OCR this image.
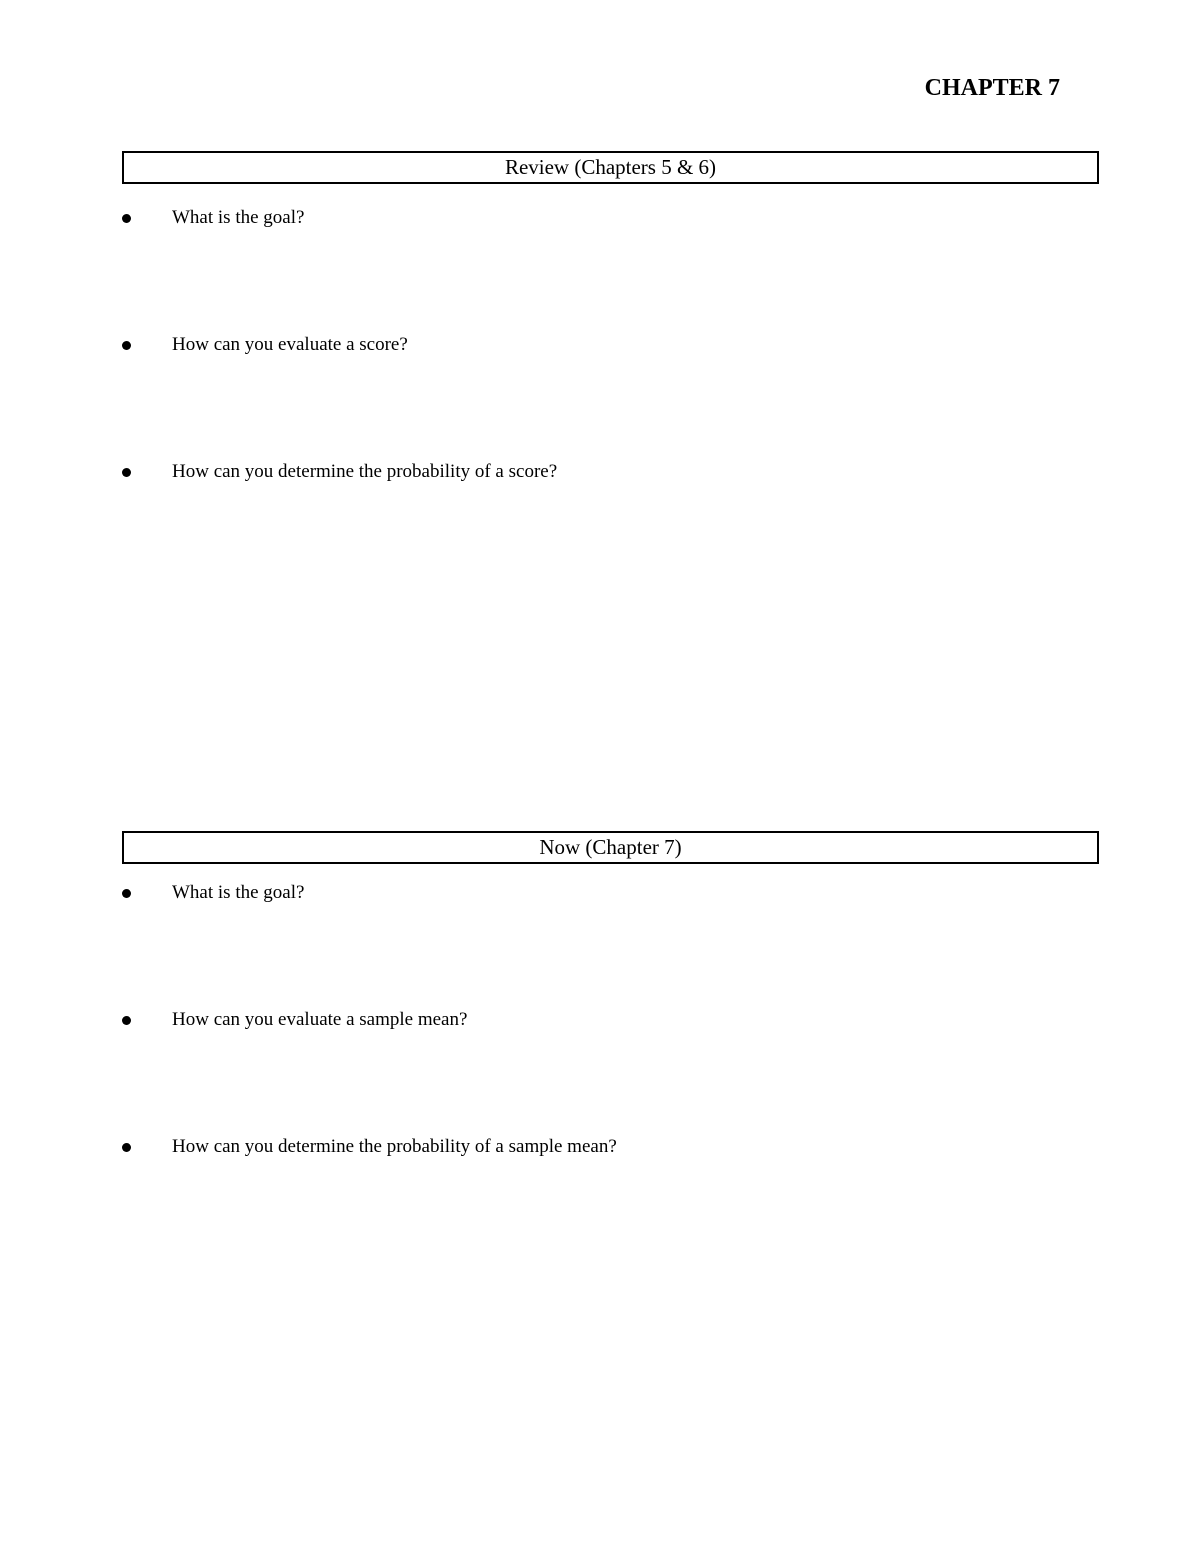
CHAPTER 7
Review (Chapters 5 & 6)
What is the goal?
How can you evaluate a score?
How can you determine the probability of a score?
Now (Chapter 7)
What is the goal?
How can you evaluate a sample mean?
How can you determine the probability of a sample mean?
